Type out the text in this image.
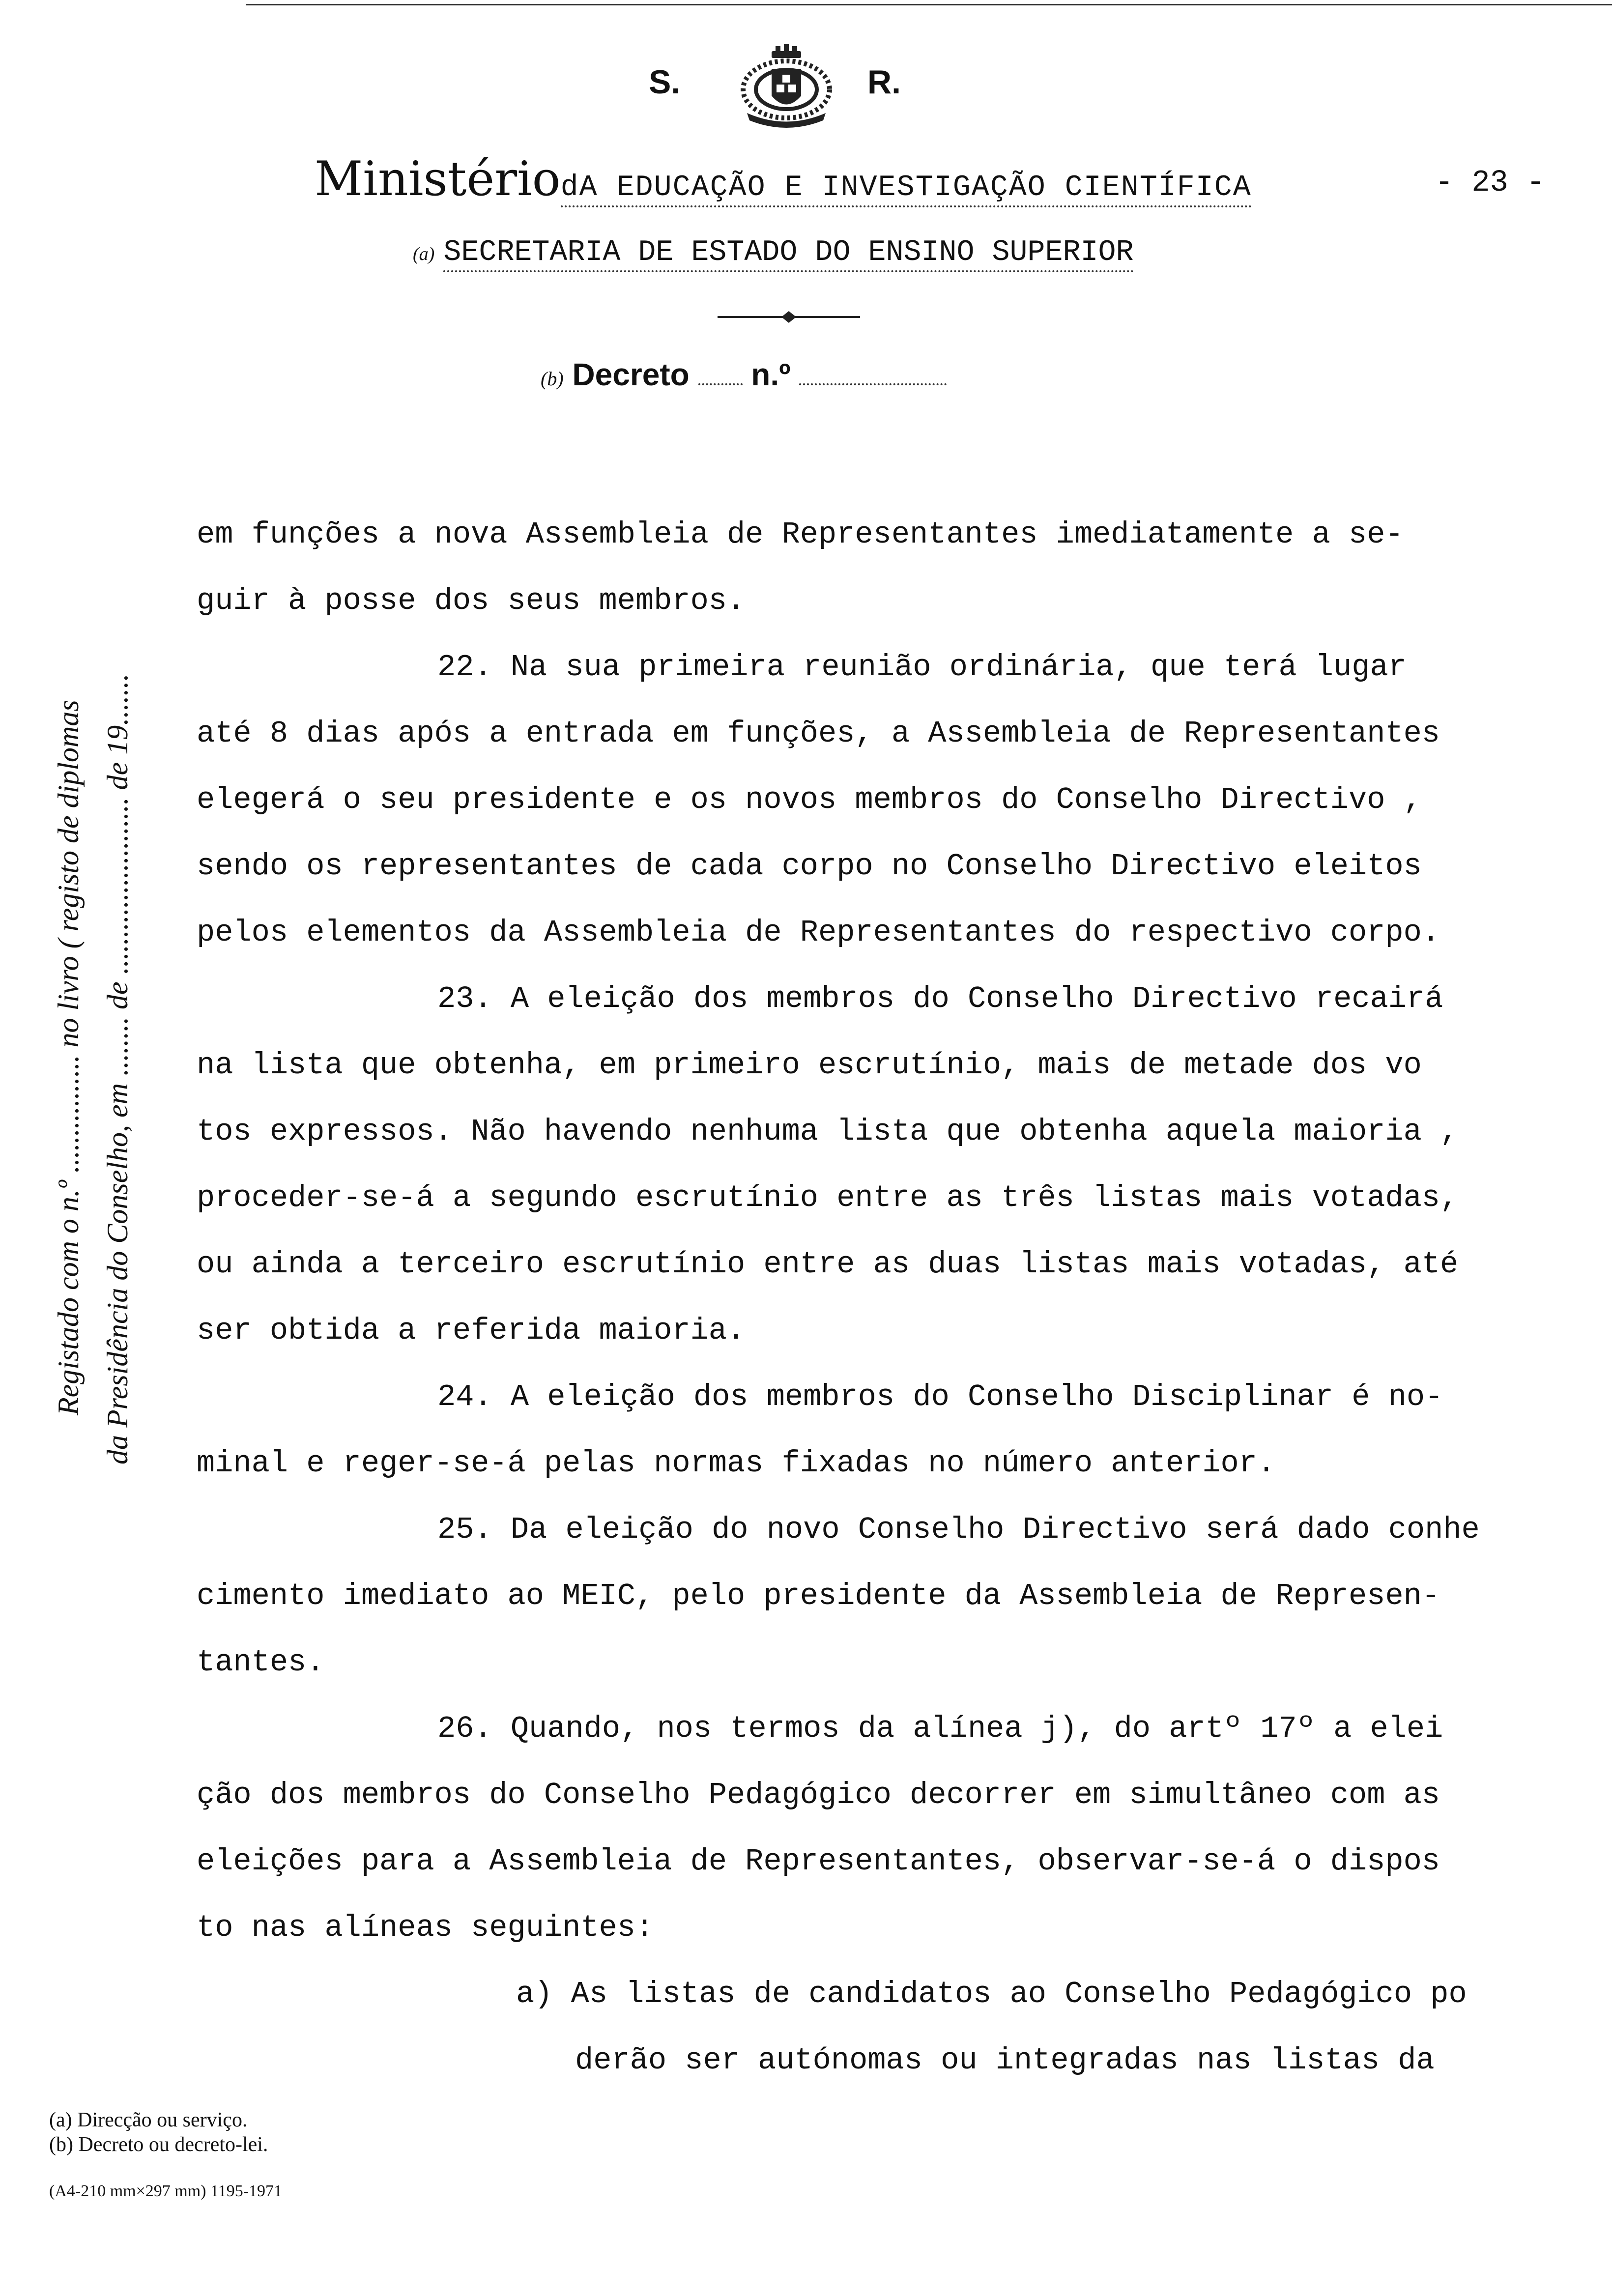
S.	R.
MinistériodA EDUCAÇÃO E INVESTIGAÇÃO CIENTÍFICA	- 23 -
(a) SECRETARIA DE ESTADO DO ENSINO SUPERIOR
(b) Decreto n.º
Registado com o n.º ................ no livro ( registo de diplomas da Presidência do Conselho, em ........ de ........................ de 19.......
em funções a nova Assembleia de Representantes imediatamente a se-
guir à posse dos seus membros.
22. Na sua primeira reunião ordinária, que terá lugar
até 8 dias após a entrada em funções, a Assembleia de Representantes
elegerá o seu presidente e os novos membros do Conselho Directivo ,
sendo os representantes de cada corpo no Conselho Directivo eleitos
pelos elementos da Assembleia de Representantes do respectivo corpo.
23. A eleição dos membros do Conselho Directivo recairá
na lista que obtenha, em primeiro escrutínio, mais de metade dos vo
tos expressos. Não havendo nenhuma lista que obtenha aquela maioria ,
proceder-se-á a segundo escrutínio entre as três listas mais votadas,
ou ainda a terceiro escrutínio entre as duas listas mais votadas, até
ser obtida a referida maioria.
24. A eleição dos membros do Conselho Disciplinar é no-
minal e reger-se-á pelas normas fixadas no número anterior.
25. Da eleição do novo Conselho Directivo será dado conhe
cimento imediato ao MEIC, pelo presidente da Assembleia de Represen-
tantes.
26. Quando, nos termos da alínea j), do artº 17º a elei
ção dos membros do Conselho Pedagógico decorrer em simultâneo com as
eleições para a Assembleia de Representantes, observar-se-á o dispos
to nas alíneas seguintes:
a) As listas de candidatos ao Conselho Pedagógico po
derão ser autónomas ou integradas nas listas da
(a) Direcção ou serviço.
(b) Decreto ou decreto-lei.
(A4-210 mm×297 mm) 1195-1971
